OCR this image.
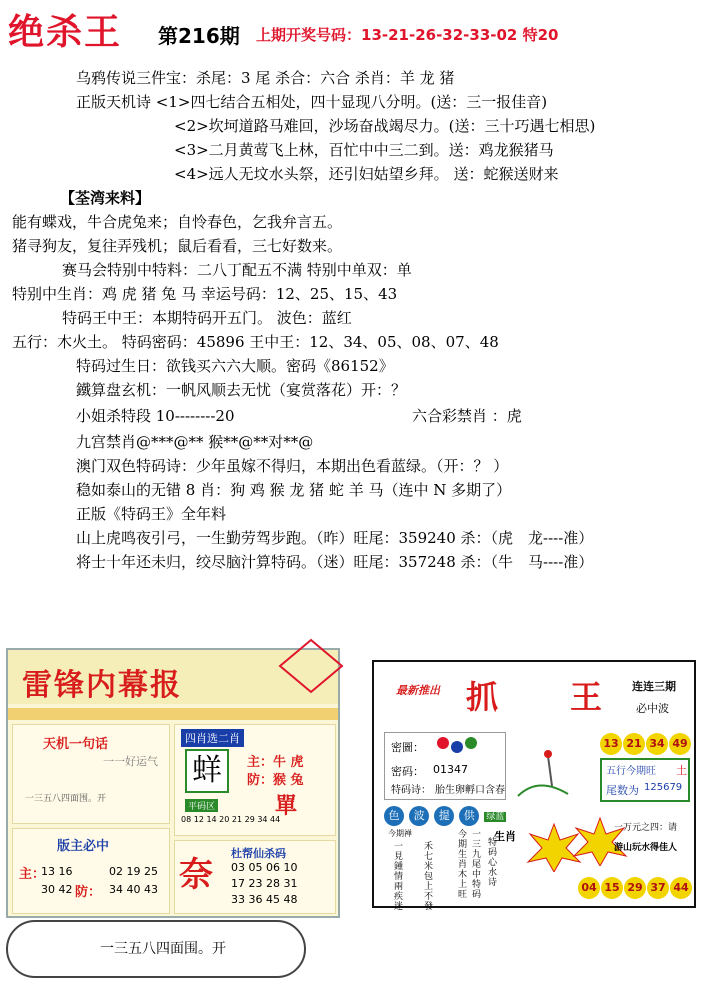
绝杀王 第216期 上期开奖号码：13-21-26-32-33-02 特20
乌鸦传说三件宝：杀尾：3 尾 杀合：六合 杀肖：羊 龙 猪
正版天机诗 <1>四七结合五相处，四十显现八分明。(送：三一报佳音)
<2>坎坷道路马难回，沙场奋战竭尽力。(送：三十巧遇七相思)
<3>二月黄莺飞上林，百忙中中三二到。送：鸡龙猴猪马
<4>远人无坟水头祭，还引妇姑望乡拜。 送：蛇猴送财来
【荃湾来料】
能有蝶戏，牛合虎兔来；自怜春色，乞我弁言五。
猪寻狗友，复往弄残机；鼠后看看，三七好数来。
赛马会特别中特料：二八丁配五不满 特别中单双：单
特别中生肖：鸡 虎 猪 兔 马 幸运号码：12、25、15、43
特码王中王：本期特码开五门。 波色：蓝红
五行：木火土。 特码密码：45896 王中王：12、34、05、08、07、48
特码过生日：欲钱买六六大顺。密码《86152》
鐵算盘玄机：一帆风顺去无忧（宴赏落花）开：？
小姐杀特段 10--------20	六合彩禁肖 ：虎
九宫禁肖@***@** 猴**@**对**@
澳门双色特码诗：少年虽嫁不得归，本期出色看蓝绿。（开：？ ）
稳如泰山的无错 8 肖：狗 鸡 猴 龙 猪 蛇 羊 马（连中 N 多期了）
正版《特码王》全年料
山上虎鸣夜引弓，一生勤劳驾步跑。（昨）旺尾：359240 杀：（虎　龙----准）
将士十年还未归，绞尽脑汁算特码。（迷）旺尾：357248 杀：（牛　马----准）
雷锋内幕报
天机一句话
一一好运气
一三五八四面围。开
版主必中
主：
13 16	02 19 25
防：
30 42	34 40 43
四肖选二肖
蛘	主：牛 虎
防：猴 兔
單
平码区
08 12 14 20 21 29 34 44
奈
杜帮仙杀码
03 05 06 10
17 23 28 31
33 36 45 48
最新推出 抓 王	连连三期
必中波
13 21 34 49
密圖：
密码： 01347
特码诗： 胎生卵孵口含春
五行今期旺 土
尾数为 125679
色 波 提 供 绿蓝
今期禅
一見鍾情兩疾迷
禾七米包上不發
今期生肖木上旺
一三九尾中特码
特码心水诗
生肖
一万元之四：请
游山玩水得佳人
04 15 29 37 44
一三五八四面围。开
